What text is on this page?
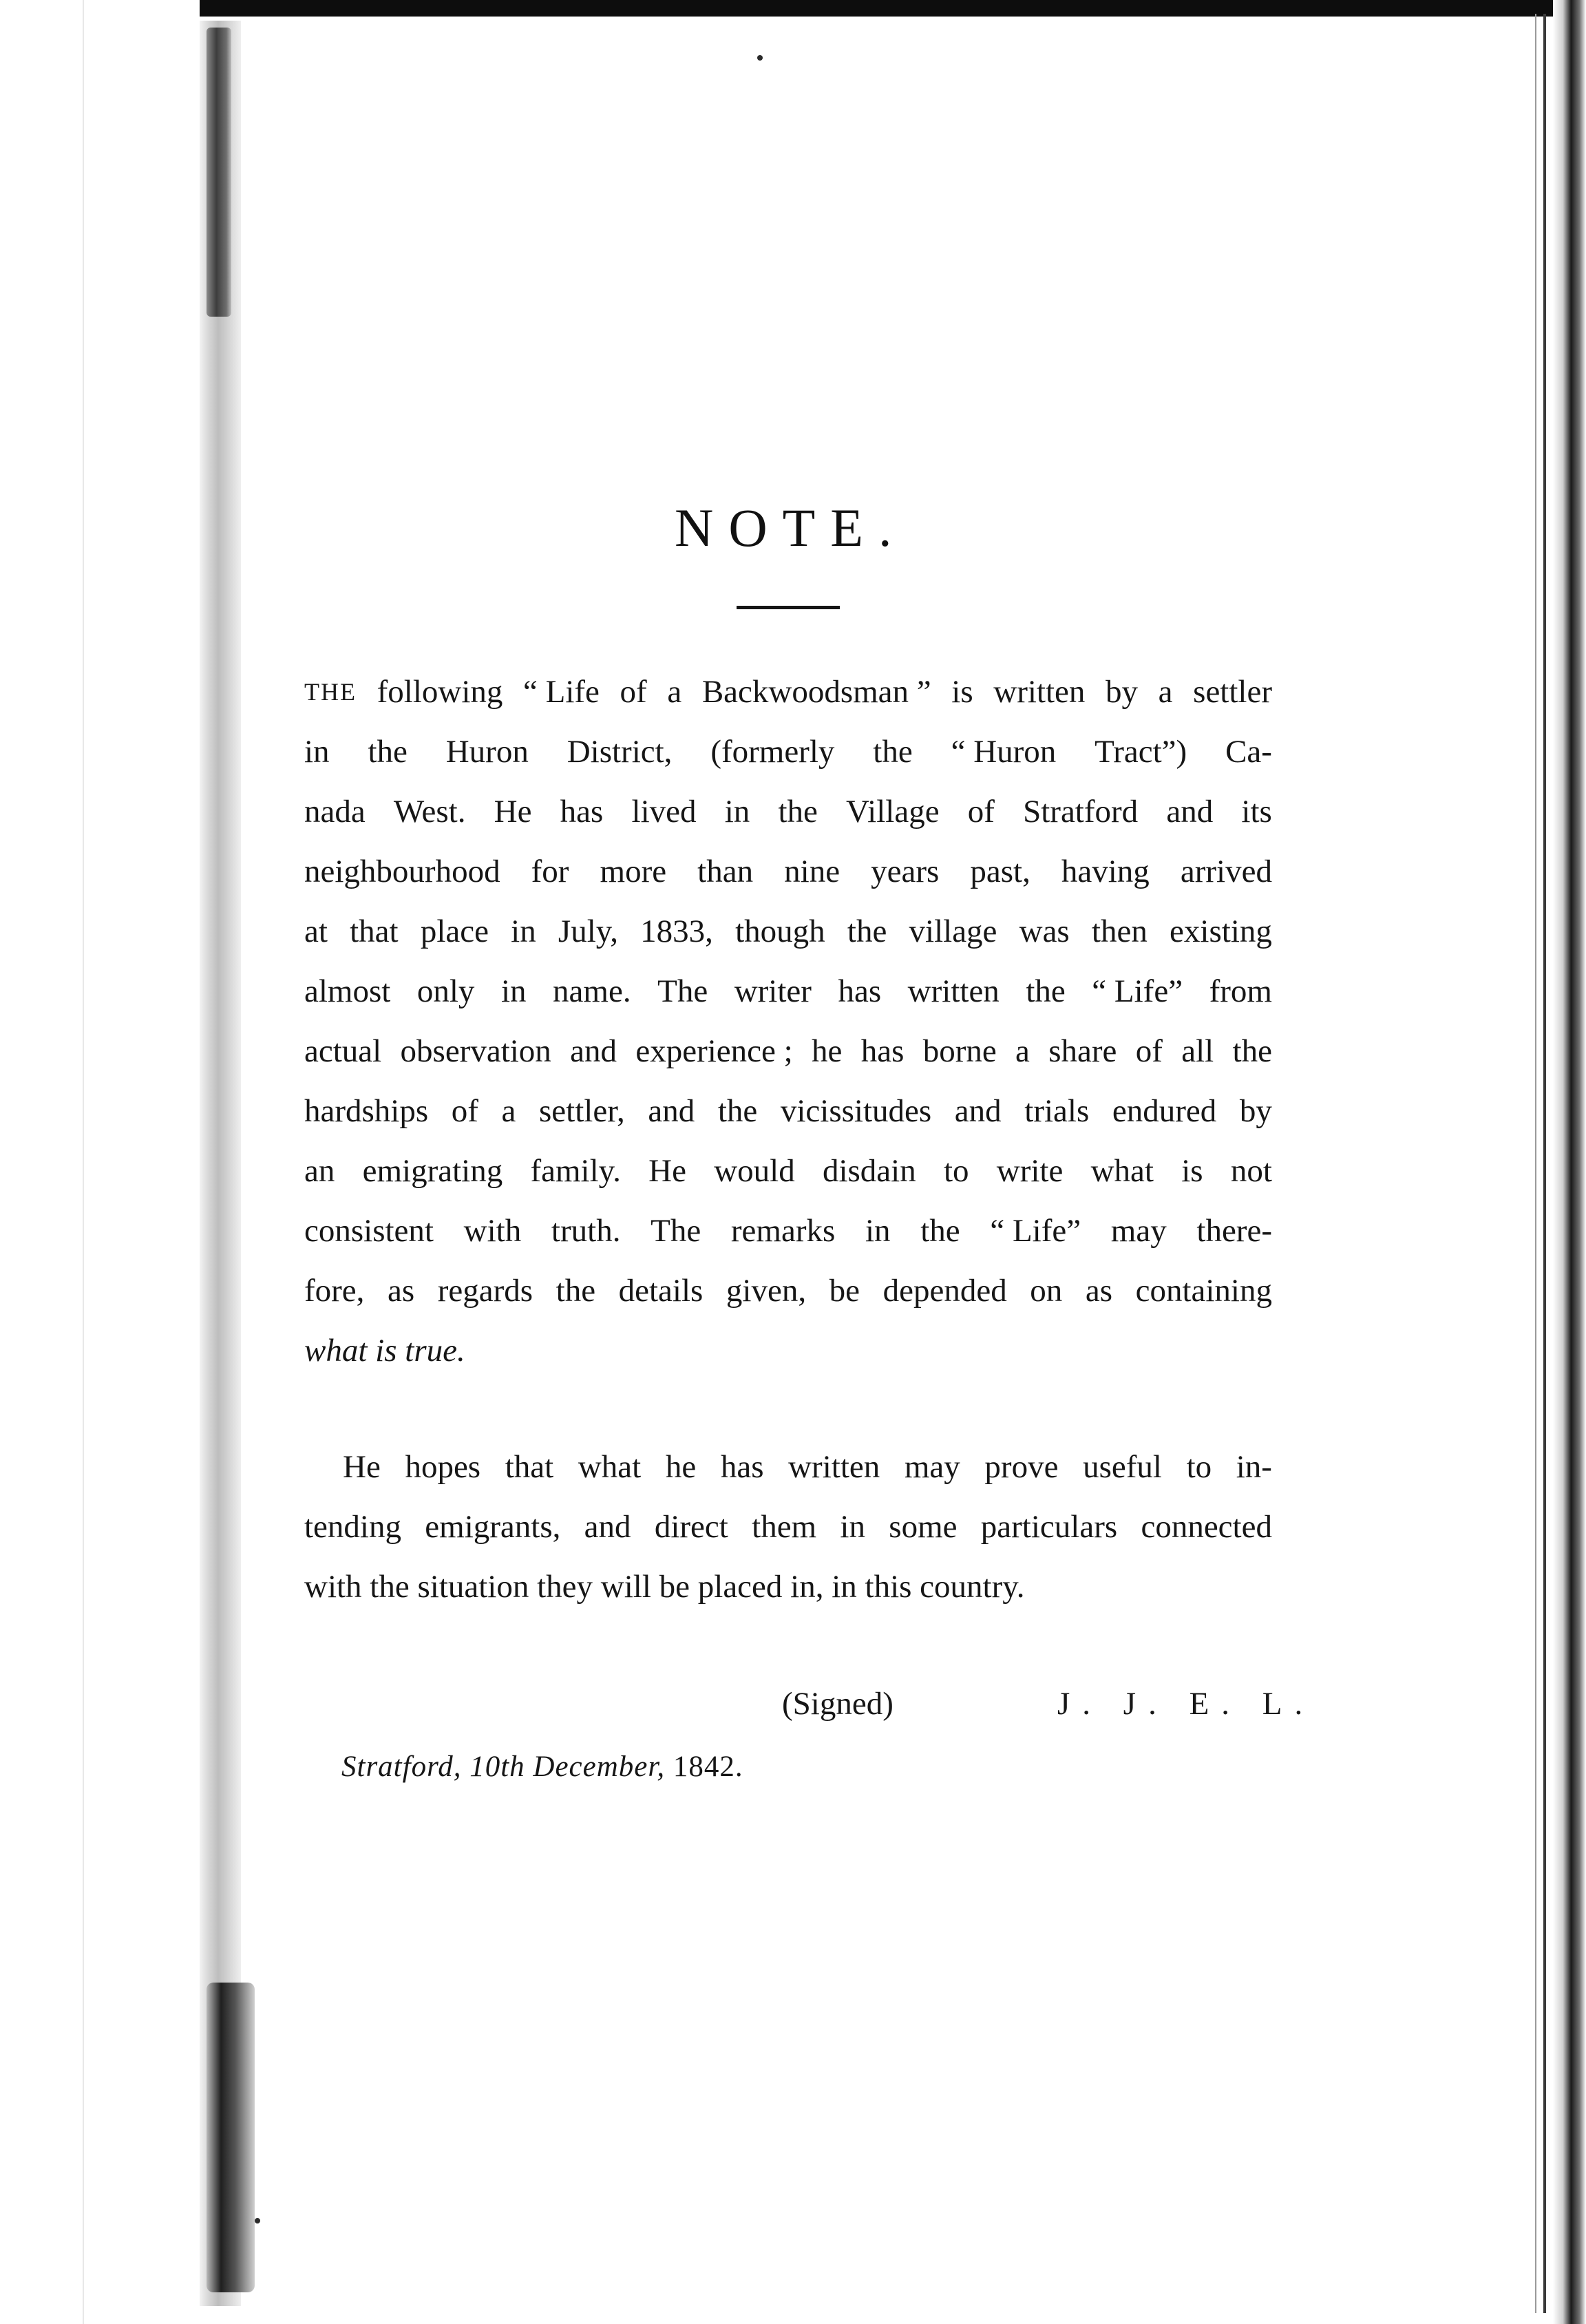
NOTE.
THE following “ Life of a Backwoodsman ” is written by a settler
in the Huron District, (formerly the “ Huron Tract”) Ca-
nada West. He has lived in the Village of Stratford and its
neighbourhood for more than nine years past, having arrived
at that place in July, 1833, though the village was then existing
almost only in name. The writer has written the “ Life” from
actual observation and experience ; he has borne a share of all the
hardships of a settler, and the vicissitudes and trials endured by
an emigrating family. He would disdain to write what is not
consistent with truth. The remarks in the “ Life” may there-
fore, as regards the details given, be depended on as containing
what is true.
He hopes that what he has written may prove useful to in-
tending emigrants, and direct them in some particulars connected
with the situation they will be placed in, in this country.
(Signed)	J. J. E. L.
Stratford, 10th December, 1842.
